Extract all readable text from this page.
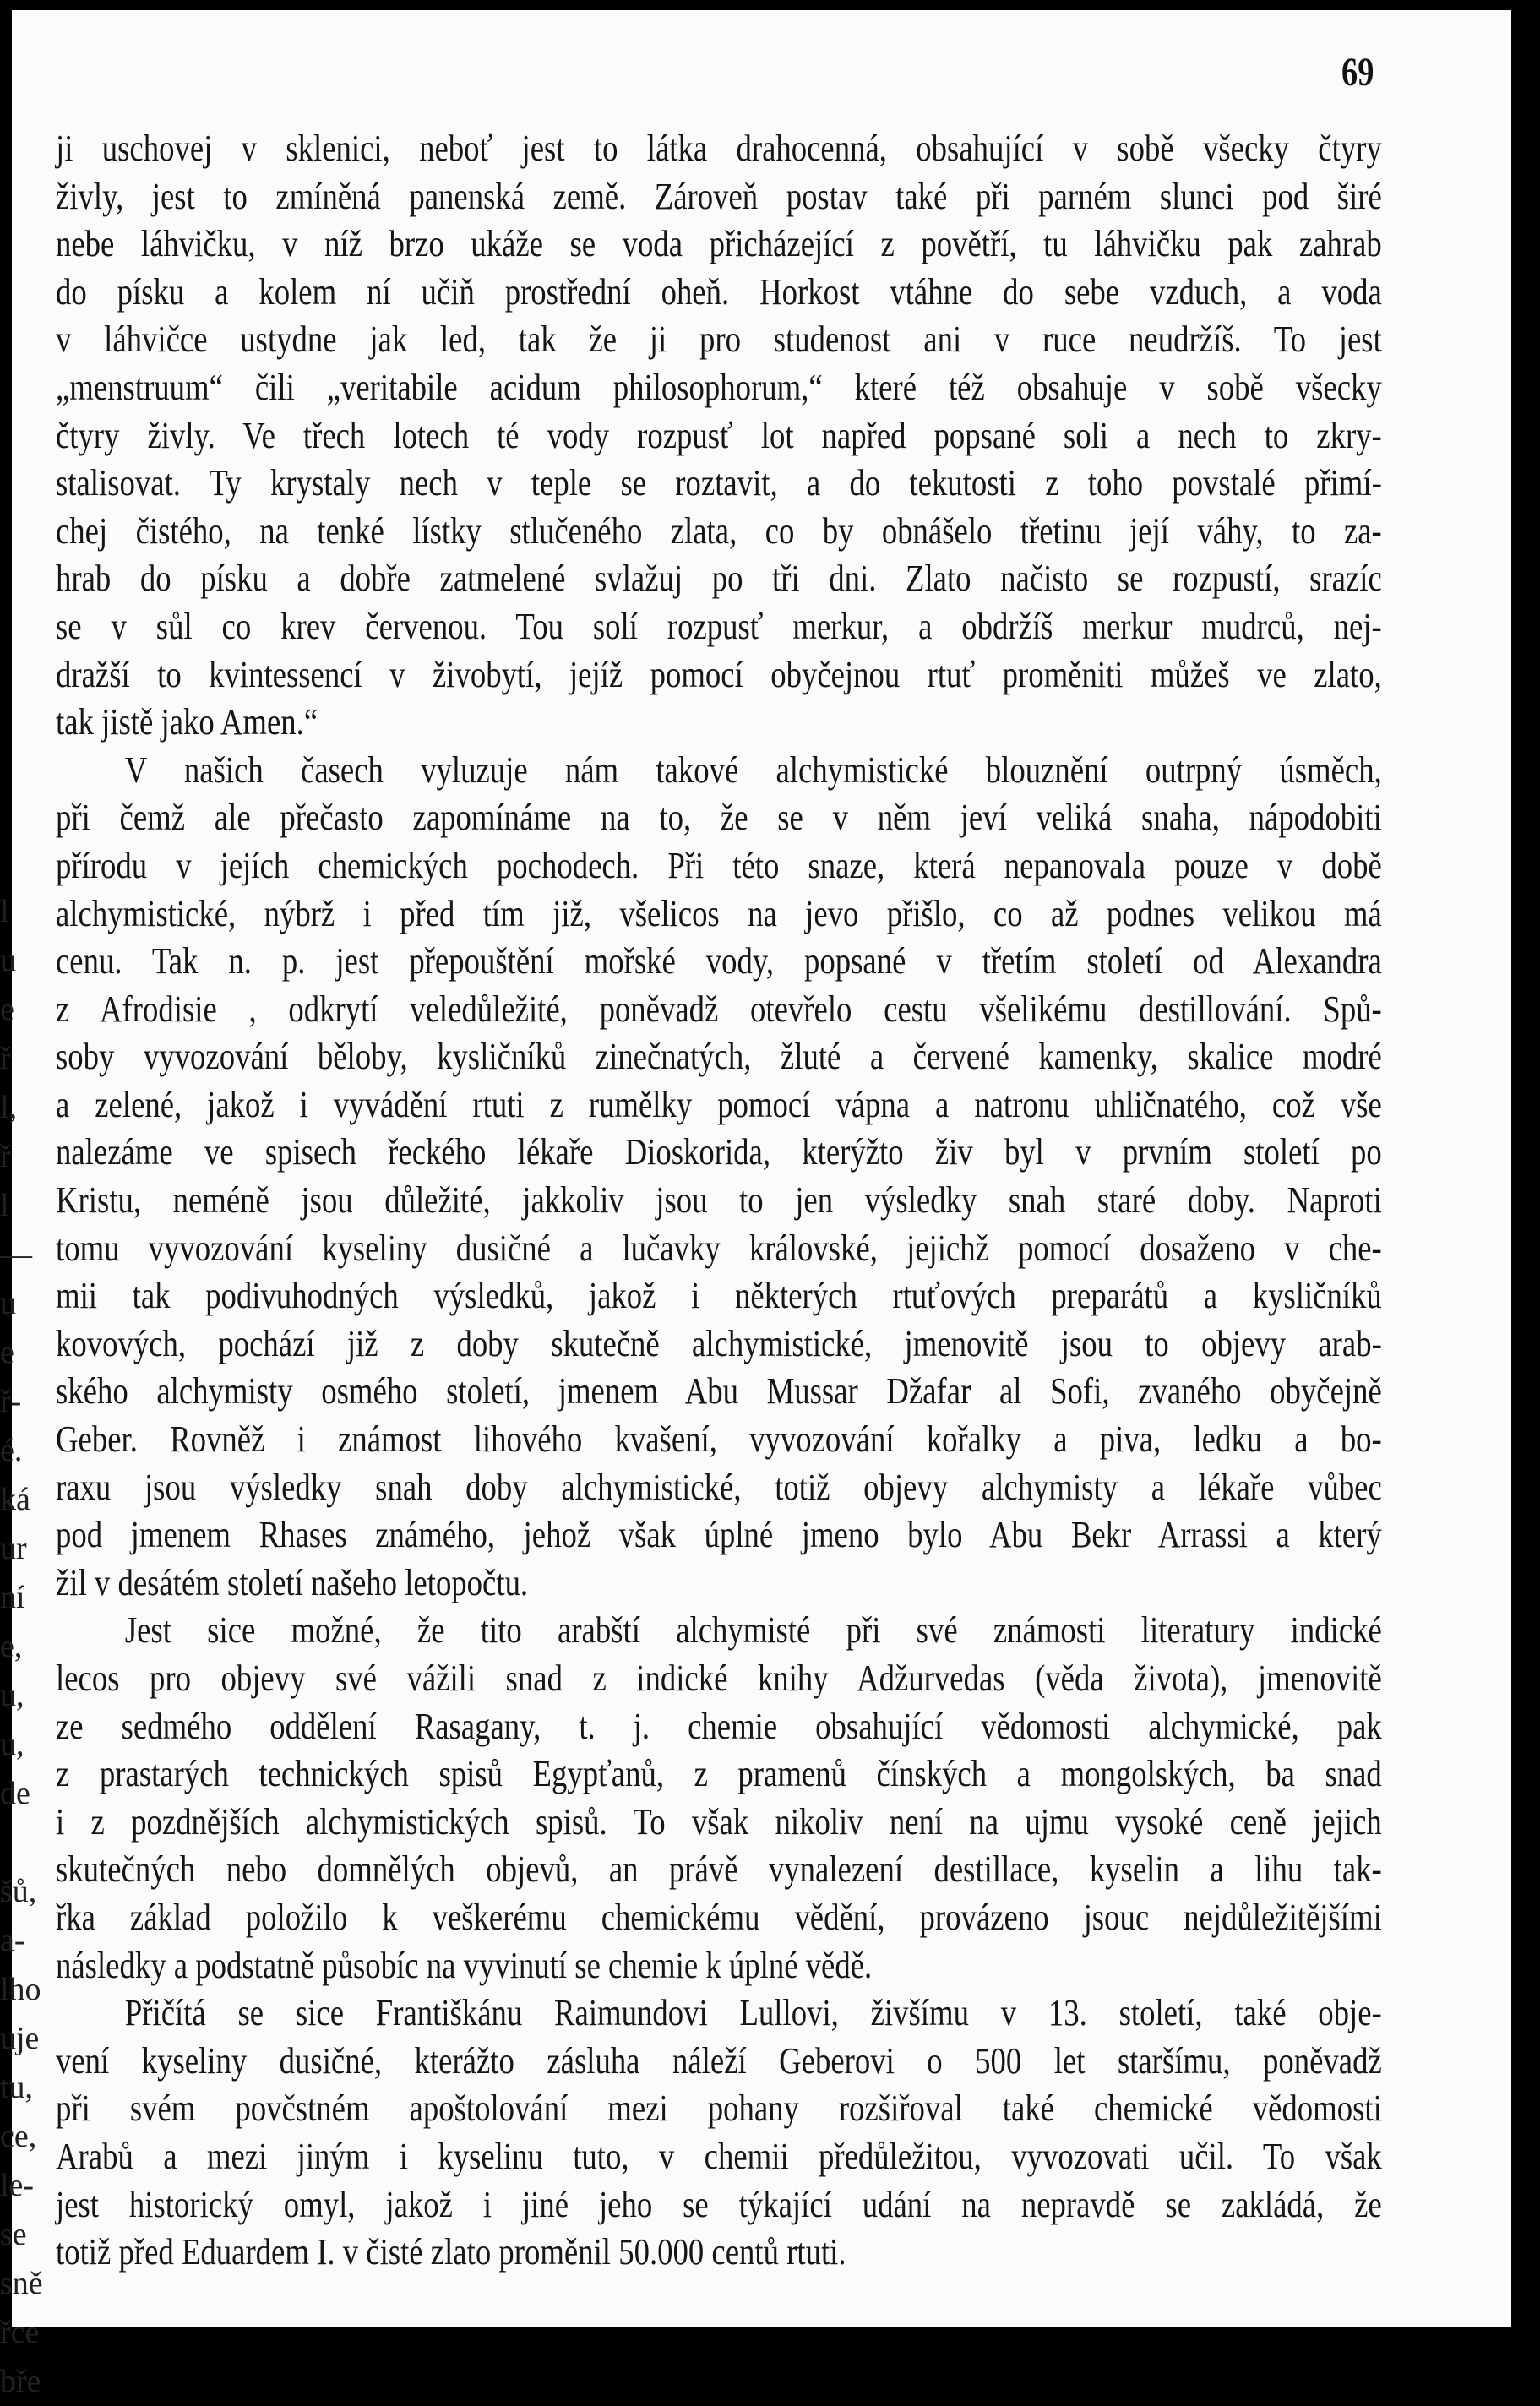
l
u
e
ř
l,
ř
l
—
u
e
ř-
é.
ká
ur
ní
e,
u,
u,
de
šů,
a-
lho
uje
tu,
ce,
le-
se
sně
řce
bře
69
ji uschovej v sklenici, neboť jest to látka drahocenná, obsahující v sobě všecky čtyry
živly, jest to zmíněná panenská země. Zároveň postav také při parném slunci pod širé
nebe láhvičku, v níž brzo ukáže se voda přicházející z povětří, tu láhvičku pak zahrab
do písku a kolem ní učiň prostřední oheň. Horkost vtáhne do sebe vzduch, a voda
v láhvičce ustydne jak led, tak že ji pro studenost ani v ruce neudržíš. To jest
„menstruum“ čili „veritabile acidum philosophorum,“ které též obsahuje v sobě všecky
čtyry živly. Ve třech lotech té vody rozpusť lot napřed popsané soli a nech to zkry-
stalisovat. Ty krystaly nech v teple se roztavit, a do tekutosti z toho povstalé přimí-
chej čistého, na tenké lístky stlučeného zlata, co by obnášelo třetinu její váhy, to za-
hrab do písku a dobře zatmelené svlažuj po tři dni. Zlato načisto se rozpustí, srazíc
se v sůl co krev červenou. Tou solí rozpusť merkur, a obdržíš merkur mudrců, nej-
dražší to kvintessencí v živobytí, jejíž pomocí obyčejnou rtuť proměniti můžeš ve zlato,
tak jistě jako Amen.“
V našich časech vyluzuje nám takové alchymistické blouznění outrpný úsměch,
při čemž ale přečasto zapomínáme na to, že se v něm jeví veliká snaha, nápodobiti
přírodu v jejích chemických pochodech. Při této snaze, která nepanovala pouze v době
alchymistické, nýbrž i před tím již, všelicos na jevo přišlo, co až podnes velikou má
cenu. Tak n. p. jest přepouštění mořské vody, popsané v třetím století od Alexandra
z Afrodisie , odkrytí veledůležité, poněvadž otevřelo cestu všelikému destillování. Spů-
soby vyvozování běloby, kysličníků zinečnatých, žluté a červené kamenky, skalice modré
a zelené, jakož i vyvádění rtuti z rumělky pomocí vápna a natronu uhličnatého, což vše
nalezáme ve spisech řeckého lékaře Dioskorida, kterýžto živ byl v prvním století po
Kristu, neméně jsou důležité, jakkoliv jsou to jen výsledky snah staré doby. Naproti
tomu vyvozování kyseliny dusičné a lučavky královské, jejichž pomocí dosaženo v che-
mii tak podivuhodných výsledků, jakož i některých rtuťových preparátů a kysličníků
kovových, pochází již z doby skutečně alchymistické, jmenovitě jsou to objevy arab-
ského alchymisty osmého století, jmenem Abu Mussar Džafar al Sofi, zvaného obyčejně
Geber. Rovněž i známost lihového kvašení, vyvozování kořalky a piva, ledku a bo-
raxu jsou výsledky snah doby alchymistické, totiž objevy alchymisty a lékaře vůbec
pod jmenem Rhases známého, jehož však úplné jmeno bylo Abu Bekr Arrassi a který
žil v desátém století našeho letopočtu.
Jest sice možné, že tito arabští alchymisté při své známosti literatury indické
lecos pro objevy své vážili snad z indické knihy Adžurvedas (věda života), jmenovitě
ze sedmého oddělení Rasagany, t. j. chemie obsahující vědomosti alchymické, pak
z prastarých technických spisů Egypťanů, z pramenů čínských a mongolských, ba snad
i z pozdnějších alchymistických spisů. To však nikoliv není na ujmu vysoké ceně jejich
skutečných nebo domnělých objevů, an právě vynalezení destillace, kyselin a lihu tak-
řka základ položilo k veškerému chemickému vědění, provázeno jsouc nejdůležitějšími
následky a podstatně působíc na vyvinutí se chemie k úplné vědě.
Přičítá se sice Františkánu Raimundovi Lullovi, živšímu v 13. století, také obje-
vení kyseliny dusičné, kterážto zásluha náleží Geberovi o 500 let staršímu, poněvadž
při svém povčstném apoštolování mezi pohany rozšiřoval také chemické vědomosti
Arabů a mezi jiným i kyselinu tuto, v chemii předůležitou, vyvozovati učil. To však
jest historický omyl, jakož i jiné jeho se týkající udání na nepravdě se zakládá, že
totiž před Eduardem I. v čisté zlato proměnil 50.000 centů rtuti.
